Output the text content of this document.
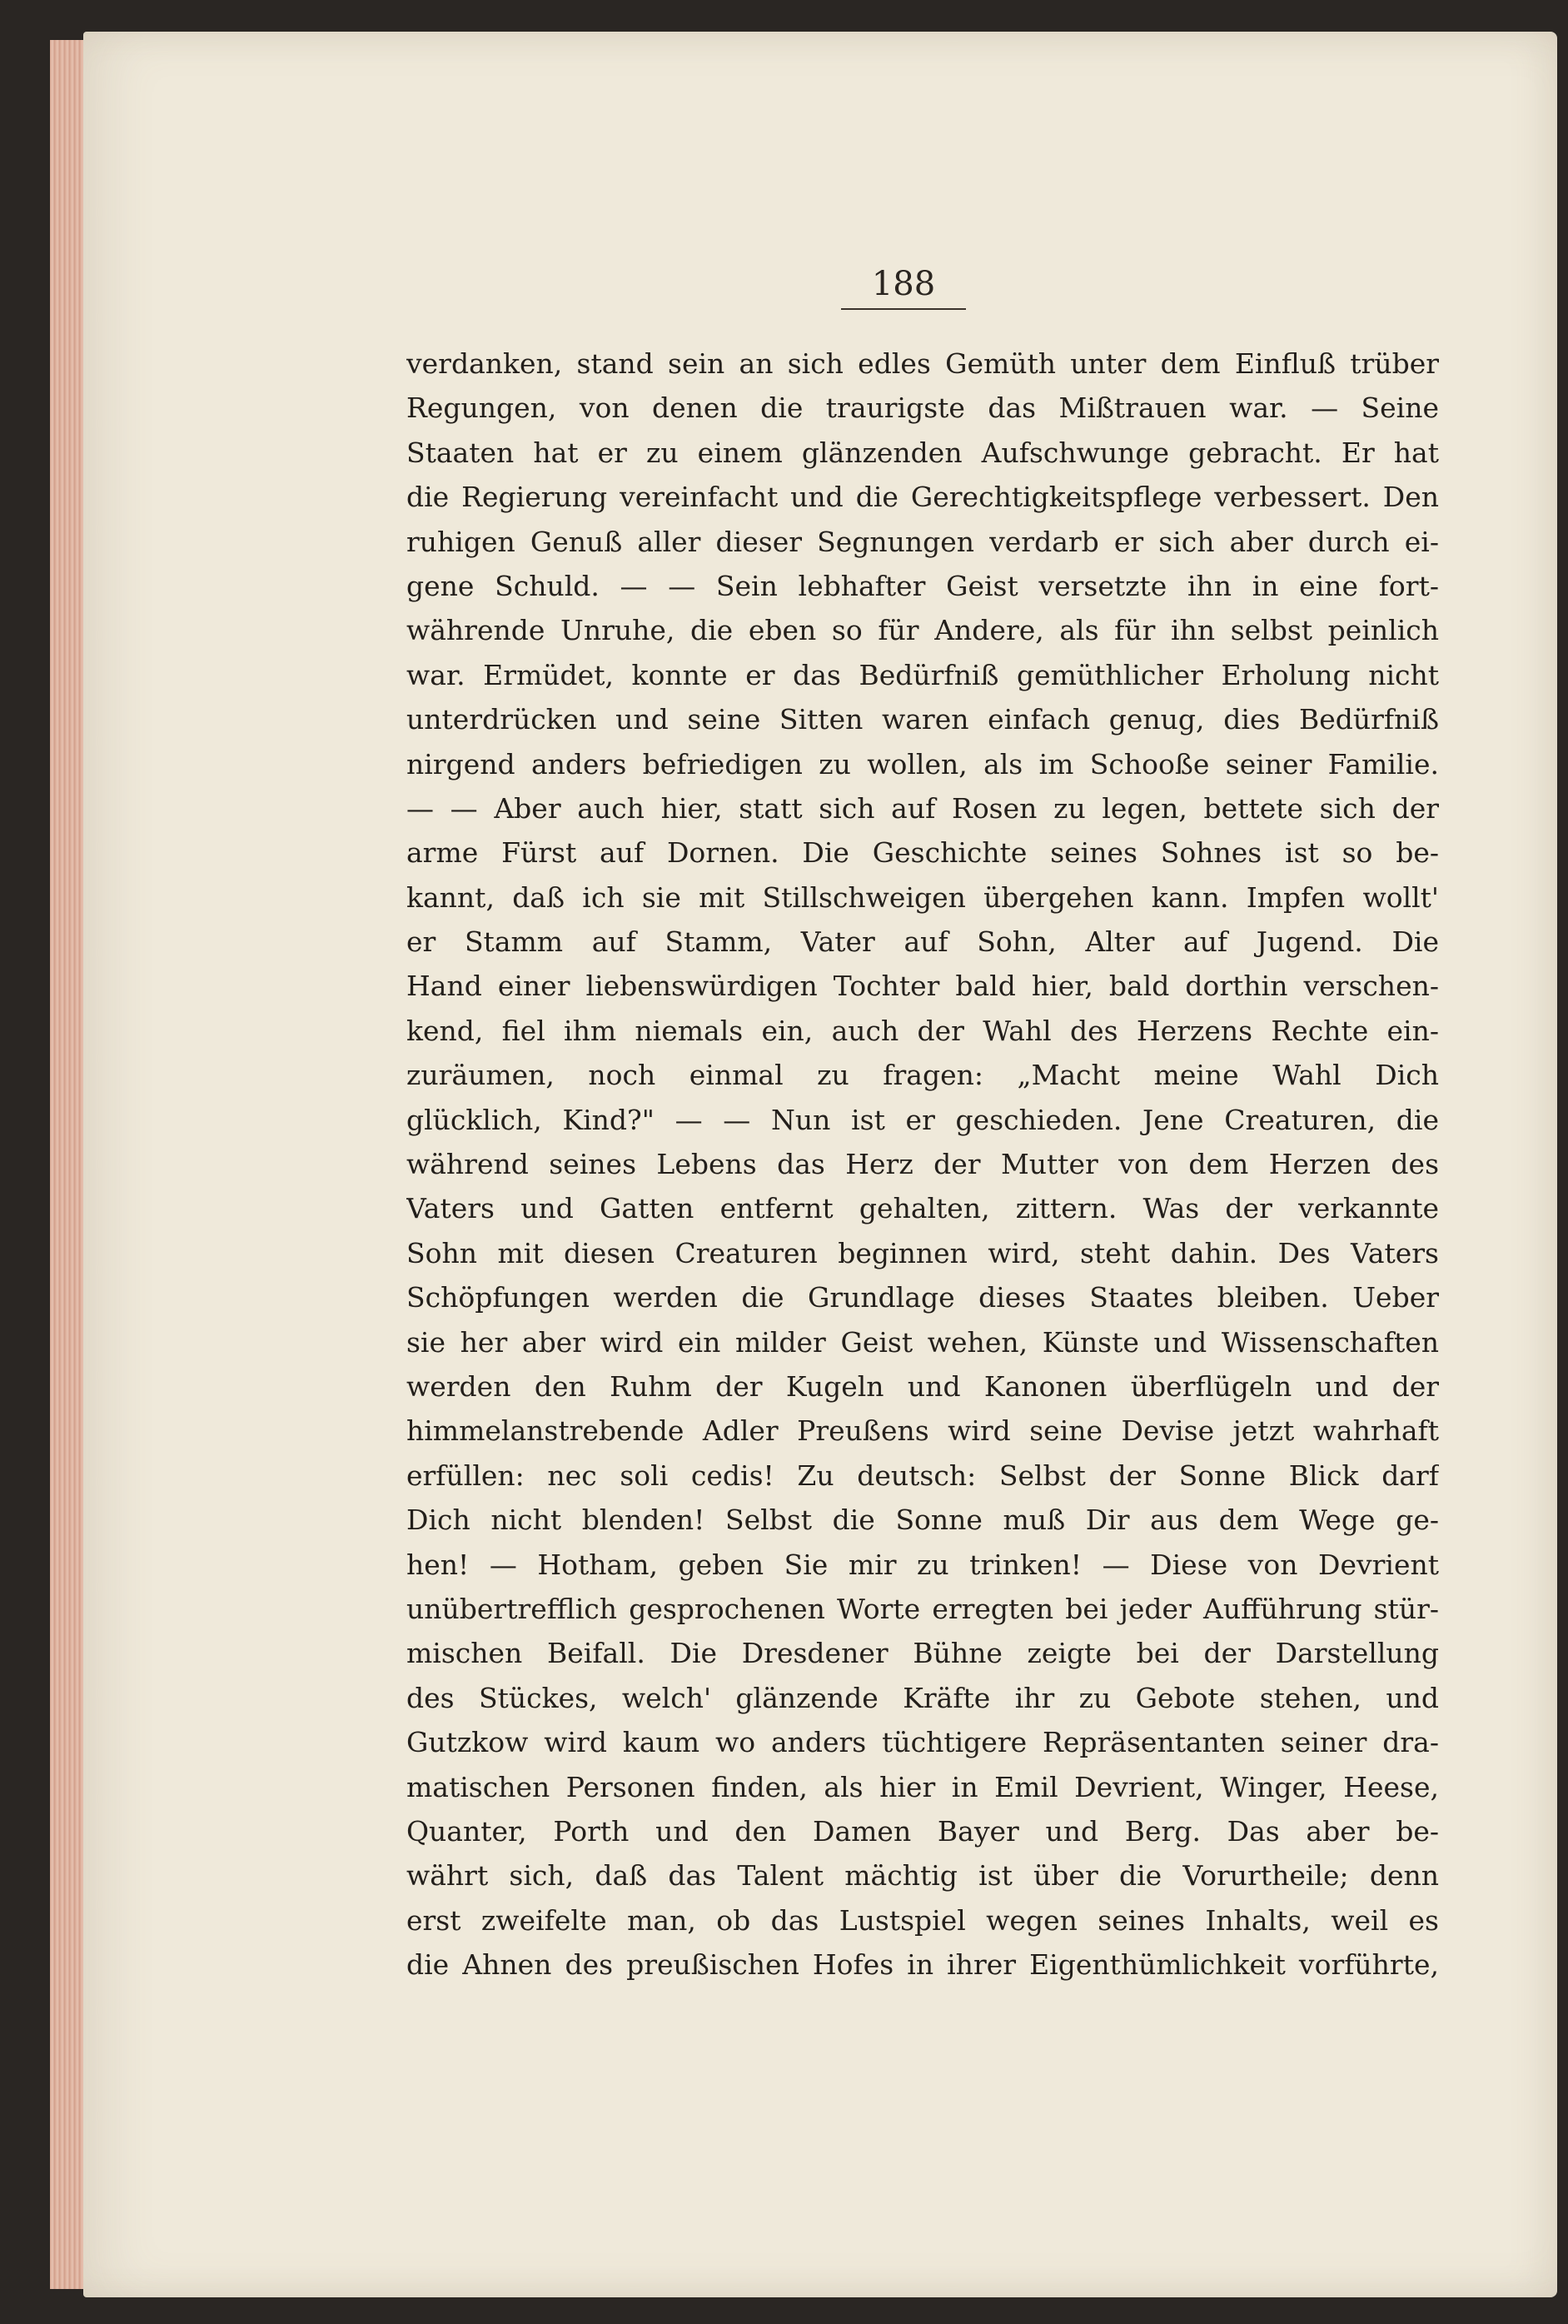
188
verdanken, stand sein an sich edles Gemüth unter dem Einfluß trüber
Regungen, von denen die traurigste das Mißtrauen war. — Seine
Staaten hat er zu einem glänzenden Aufschwunge gebracht. Er hat
die Regierung vereinfacht und die Gerechtigkeitspflege verbessert. Den
ruhigen Genuß aller dieser Segnungen verdarb er sich aber durch ei-
gene Schuld. — — Sein lebhafter Geist versetzte ihn in eine fort-
währende Unruhe, die eben so für Andere, als für ihn selbst peinlich
war. Ermüdet, konnte er das Bedürfniß gemüthlicher Erholung nicht
unterdrücken und seine Sitten waren einfach genug, dies Bedürfniß
nirgend anders befriedigen zu wollen, als im Schooße seiner Familie.
— — Aber auch hier, statt sich auf Rosen zu legen, bettete sich der
arme Fürst auf Dornen. Die Geschichte seines Sohnes ist so be-
kannt, daß ich sie mit Stillschweigen übergehen kann. Impfen wollt'
er Stamm auf Stamm, Vater auf Sohn, Alter auf Jugend. Die
Hand einer liebenswürdigen Tochter bald hier, bald dorthin verschen-
kend, fiel ihm niemals ein, auch der Wahl des Herzens Rechte ein-
zuräumen, noch einmal zu fragen: „Macht meine Wahl Dich
glücklich, Kind?" — — Nun ist er geschieden. Jene Creaturen, die
während seines Lebens das Herz der Mutter von dem Herzen des
Vaters und Gatten entfernt gehalten, zittern. Was der verkannte
Sohn mit diesen Creaturen beginnen wird, steht dahin. Des Vaters
Schöpfungen werden die Grundlage dieses Staates bleiben. Ueber
sie her aber wird ein milder Geist wehen, Künste und Wissenschaften
werden den Ruhm der Kugeln und Kanonen überflügeln und der
himmelanstrebende Adler Preußens wird seine Devise jetzt wahrhaft
erfüllen: nec soli cedis! Zu deutsch: Selbst der Sonne Blick darf
Dich nicht blenden! Selbst die Sonne muß Dir aus dem Wege ge-
hen! — Hotham, geben Sie mir zu trinken! — Diese von Devrient
unübertrefflich gesprochenen Worte erregten bei jeder Aufführung stür-
mischen Beifall. Die Dresdener Bühne zeigte bei der Darstellung
des Stückes, welch' glänzende Kräfte ihr zu Gebote stehen, und
Gutzkow wird kaum wo anders tüchtigere Repräsentanten seiner dra-
matischen Personen finden, als hier in Emil Devrient, Winger, Heese,
Quanter, Porth und den Damen Bayer und Berg. Das aber be-
währt sich, daß das Talent mächtig ist über die Vorurtheile; denn
erst zweifelte man, ob das Lustspiel wegen seines Inhalts, weil es
die Ahnen des preußischen Hofes in ihrer Eigenthümlichkeit vorführte,
